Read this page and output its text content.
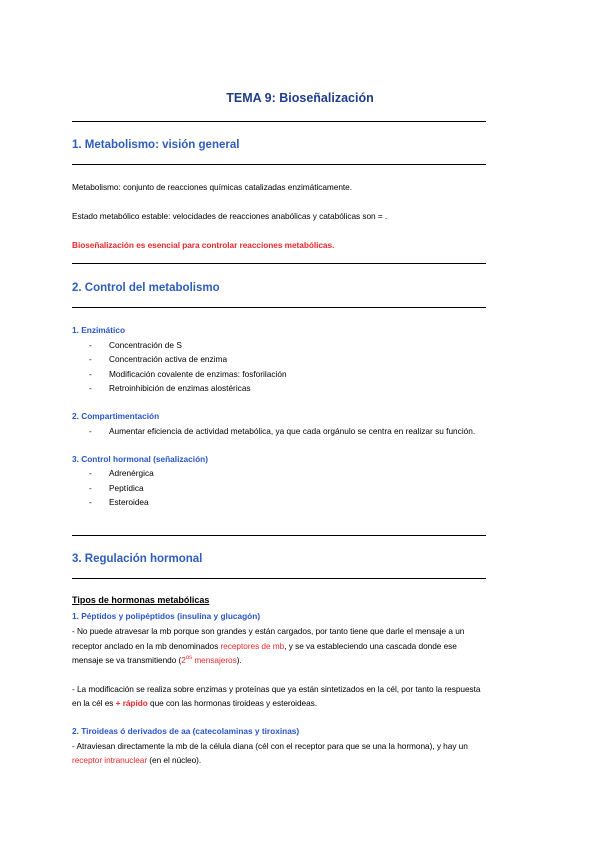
TEMA 9: Bioseñalización
1. Metabolismo: visión general
Metabolismo: conjunto de reacciones químicas catalizadas enzimáticamente.
Estado metabólico estable: velocidades de reacciones anabólicas y catabólicas son = .
Bioseñalización es esencial para controlar reacciones metabólicas.
2. Control del metabolismo
1. Enzimático
- Concentración de S
- Concentración activa de enzima
- Modificación covalente de enzimas: fosforilación
- Retroinhibición de enzimas alostéricas
2. Compartimentación
- Aumentar eficiencia de actividad metabólica, ya que cada orgánulo se centra en realizar su función.
3. Control hormonal (señalización)
- Adrenérgica
- Peptídica
- Esteroidea
3. Regulación hormonal
Tipos de hormonas metabólicas
1. Péptidos y polipéptidos (insulina y glucagón)
- No puede atravesar la mb porque son grandes y están cargados, por tanto tiene que darle el mensaje a un
receptor anclado en la mb denominados receptores de mb, y se va estableciendo una cascada donde ese
mensaje se va transmitiendo ($2^{os}$ mensajeros).
- La modificación se realiza sobre enzimas y proteínas que ya están sintetizados en la cél, por tanto la respuesta
en la cél es + rápido que con las hormonas tiroideas y esteroideas.
2. Tiroideas ó derivados de aa (catecolaminas y tiroxinas)
- Atraviesan directamente la mb de la célula diana (cél con el receptor para que se una la hormona), y hay un
receptor intranuclear (en el núcleo).
